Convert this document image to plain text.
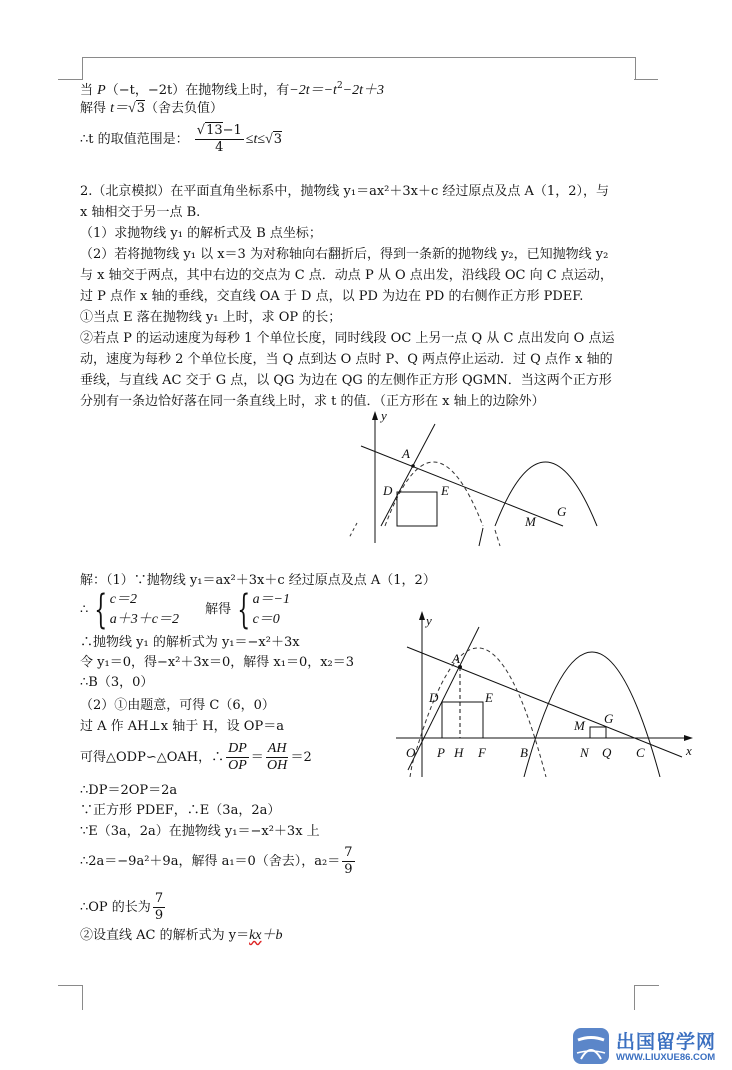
当 P（−t，−2t）在抛物线上时，有$-2t=-t^2-2t+3$
解得 t＝√3（舍去负值）
∴t 的取值范围是： $\frac{√13-1}{4} \le t\le√3$
2.（北京模拟）在平面直角坐标系中，抛物线 y₁＝ax²＋3x＋c 经过原点及点 A（1，2），与
x 轴相交于另一点 B.
（1）求抛物线 y₁ 的解析式及 B 点坐标；
（2）若将抛物线 y₁ 以 x＝3 为对称轴向右翻折后，得到一条新的抛物线 y₂，已知抛物线 y₂
与 x 轴交于两点，其中右边的交点为 C 点．动点 P 从 O 点出发，沿线段 OC 向 C 点运动，
过 P 点作 x 轴的垂线，交直线 OA 于 D 点，以 PD 为边在 PD 的右侧作正方形 PDEF.
①当点 E 落在抛物线 y₁ 上时，求 OP 的长；
②若点 P 的运动速度为每秒 1 个单位长度，同时线段 OC 上另一点 Q 从 C 点出发向 O 点运
动，速度为每秒 2 个单位长度，当 Q 点到达 O 点时 P、Q 两点停止运动．过 Q 点作 x 轴的
垂线，与直线 AC 交于 G 点，以 QG 为边在 QG 的左侧作正方形 QGMN．当这两个正方形
分别有一条边恰好落在同一条直线上时，求 t 的值．（正方形在 x 轴上的边除外）
y
A
D	E
G
M
解：（1）∵抛物线 y₁＝ax²＋3x＋c 经过原点及点 A（1，2）
∴ { c＝2
a＋3＋c＝2
解得 { a＝−1
c＝0
∴抛物线 y₁ 的解析式为 y₁＝−x²＋3x
令 y₁＝0，得−x²＋3x＝0，解得 x₁＝0，x₂＝3
∴B（3，0）
（2）①由题意，可得 C（6，0）
过 A 作 AH⊥x 轴于 H，设 OP＝a
可得△ODP∽△OAH，∴ $\frac{DP}{OP} = \frac{AH}{OH} =2$
∴DP＝2OP＝2a
∵正方形 PDEF，∴E（3a，2a）
∵E（3a，2a）在抛物线 y₁＝−x²＋3x 上
∴2a＝−9a²＋9a，解得 a₁＝0（舍去），$a_2= \frac{7}{9}$
∴OP 的长为 $\frac{7}{9}$
②设直线 AC 的解析式为 y＝kx＋b
y
x
A
D	E
M G
O P H F	B	N Q C
出国留学网
WWW.LIUXUE86.COM
